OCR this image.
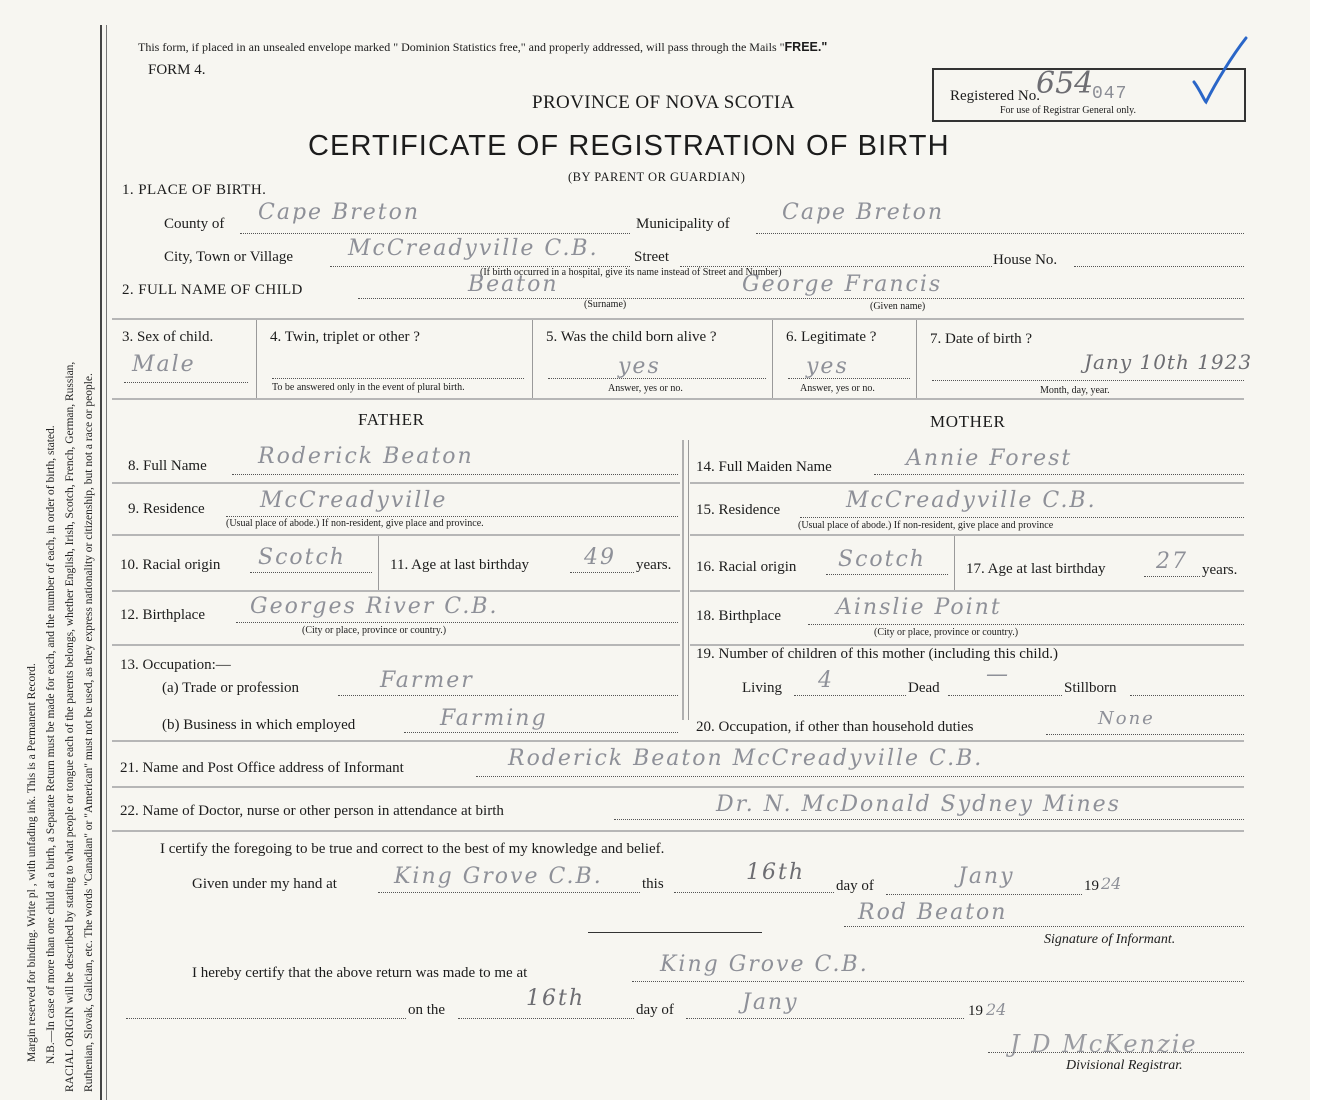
Margin reserved for binding. Write pl , with unfading ink. This is a Permanent Record. N.B.—In case of more than one child at a birth, a Separate Return must be made for each, and the number of each, in order of birth, stated. RACIAL ORIGIN will be described by stating to what people or tongue each of the parents belongs, whether English, Irish, Scotch, French, German, Russian, Ruthenian, Slovak, Galician, etc. The words "Canadian" or "American" must not be used, as they express nationality or citizenship, but not a race or people.
This form, if placed in an unsealed envelope marked " Dominion Statistics free," and properly addressed, will pass through the Mails "FREE."
FORM 4.
PROVINCE OF NOVA SCOTIA
CERTIFICATE OF REGISTRATION OF BIRTH
(BY PARENT OR GUARDIAN)
Registered No.
654
047
For use of Registrar General only.
1. PLACE OF BIRTH.
County of Cape Breton	Municipality of Cape Breton
City, Town or Village McCreadyville C.B. Street	House No.
(If birth occurred in a hospital, give its name instead of Street and Number)
2. FULL NAME OF CHILD	Beaton	George Francis
(Surname)	(Given name)
3. Sex of child.
Male
4. Twin, triplet or other ?
To be answered only in the event of plural birth.
5. Was the child born alive ?
yes
Answer, yes or no.
6. Legitimate ?
yes
Answer, yes or no.
7. Date of birth ?
Jany 10th 1923
Month, day, year.
FATHER	MOTHER
8. Full Name Roderick Beaton
9. Residence	McCreadyville
(Usual place of abode.) If non-resident, give place and province.
10. Racial origin Scotch	11. Age at last birthday	49 years.
12. Birthplace Georges River C.B.
(City or place, province or country.)
13. Occupation:—
(a) Trade or profession	Farmer
(b) Business in which employed	Farming
14. Full Maiden Name	Annie Forest
15. Residence	McCreadyville C.B.
(Usual place of abode.) If non-resident, give place and province
16. Racial origin Scotch	17. Age at last birthday 27 years.
18. Birthplace	Ainslie Point
(City or place, province or country.)
19. Number of children of this mother (including this child.)
Living 4	Dead
—
Stillborn
20. Occupation, if other than household duties	None
21. Name and Post Office address of Informant	Roderick Beaton McCreadyville C.B.
22. Name of Doctor, nurse or other person in attendance at birth	Dr. N. McDonald Sydney Mines
I certify the foregoing to be true and correct to the best of my knowledge and belief.
Given under my hand at	King Grove C.B.	this	16th
day of	Jany	19 24
Rod Beaton
Signature of Informant.
I hereby certify that the above return was made to me at	King Grove C.B.
on the	16th	day of	Jany	19 24
J D McKenzie
Divisional Registrar.
